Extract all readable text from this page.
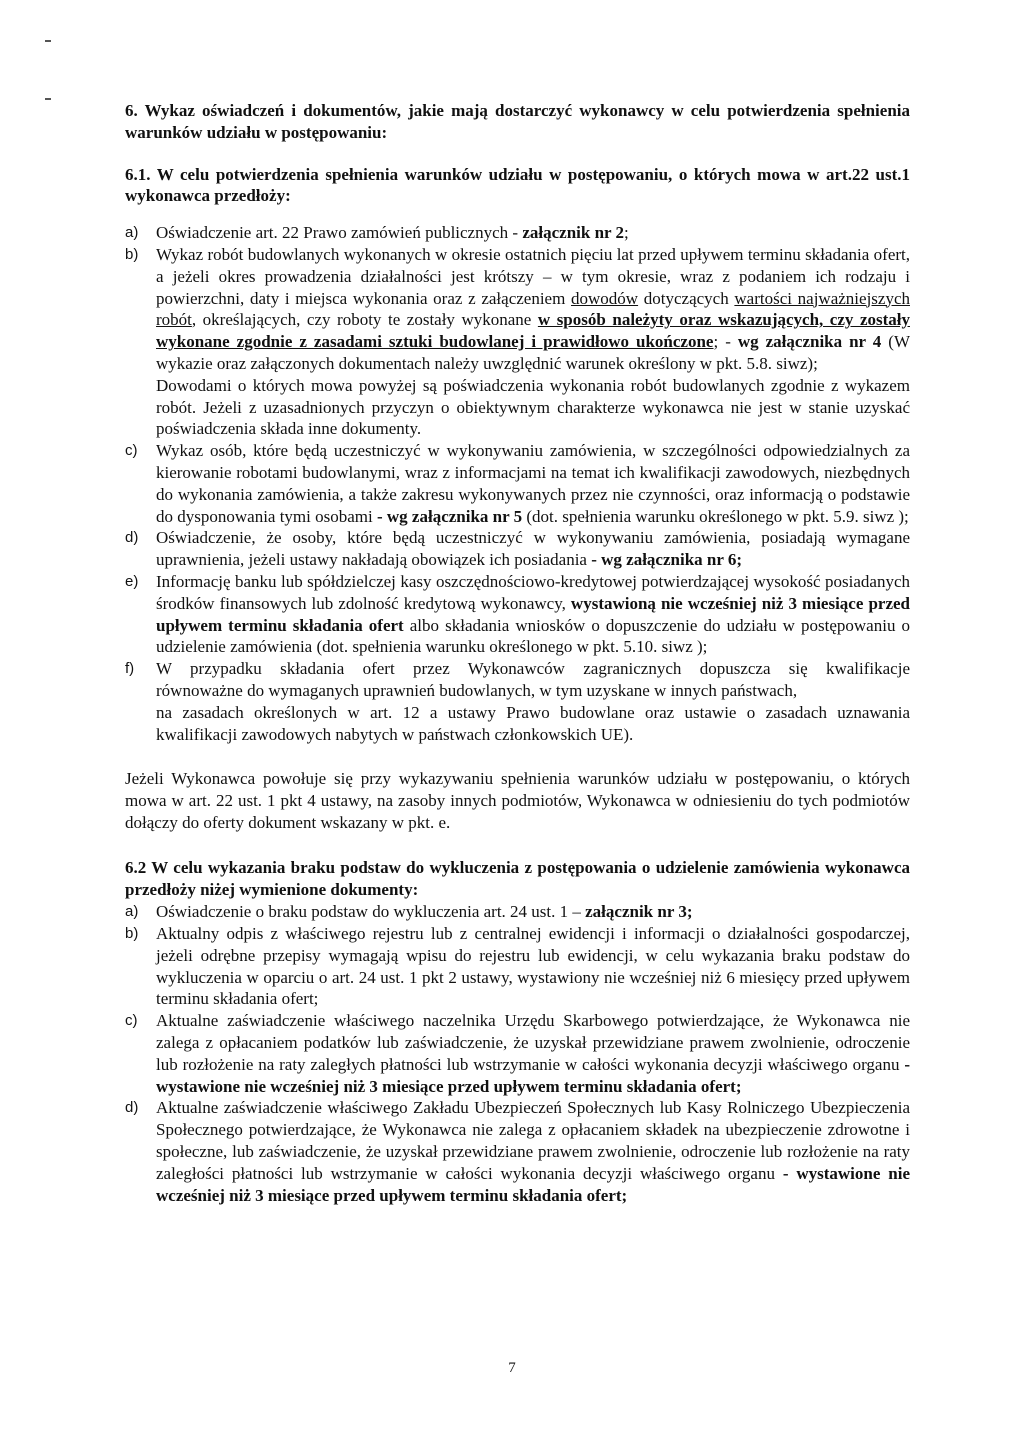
6. Wykaz oświadczeń i dokumentów, jakie mają dostarczyć wykonawcy w celu potwierdzenia spełnienia warunków udziału w postępowaniu:

6.1. W celu potwierdzenia spełnienia warunków udziału w postępowaniu, o których mowa w art.22 ust.1 wykonawca przedłoży:

a) Oświadczenie art. 22 Prawo zamówień publicznych - załącznik nr 2;
b) Wykaz robót budowlanych wykonanych w okresie ostatnich pięciu lat przed upływem terminu składania ofert, a jeżeli okres prowadzenia działalności jest krótszy – w tym okresie, wraz z podaniem ich rodzaju i powierzchni, daty i miejsca wykonania oraz z załączeniem dowodów dotyczących wartości najważniejszych robót, określających, czy roboty te zostały wykonane w sposób należyty oraz wskazujących, czy zostały wykonane zgodnie z zasadami sztuki budowlanej i prawidłowo ukończone; - wg załącznika nr 4 (W wykazie oraz załączonych dokumentach należy uwzględnić warunek określony w pkt. 5.8. siwz);

Dowodami o których mowa powyżej są poświadczenia wykonania robót budowlanych zgodnie z wykazem robót. Jeżeli z uzasadnionych przyczyn o obiektywnym charakterze wykonawca nie jest w stanie uzyskać poświadczenia składa inne dokumenty.

c) Wykaz osób, które będą uczestniczyć w wykonywaniu zamówienia, w szczególności odpowiedzialnych za kierowanie robotami budowlanymi, wraz z informacjami na temat ich kwalifikacji zawodowych, niezbędnych do wykonania zamówienia, a także zakresu wykonywanych przez nie czynności, oraz informacją o podstawie do dysponowania tymi osobami - wg załącznika nr 5 (dot. spełnienia warunku określonego w pkt. 5.9. siwz );
d) Oświadczenie, że osoby, które będą uczestniczyć w wykonywaniu zamówienia, posiadają wymagane uprawnienia, jeżeli ustawy nakładają obowiązek ich posiadania - wg załącznika nr 6;
e) Informację banku lub spółdzielczej kasy oszczędnościowo-kredytowej potwierdzającej wysokość posiadanych środków finansowych lub zdolność kredytową wykonawcy, wystawioną nie wcześniej niż 3 miesiące przed upływem terminu składania ofert albo składania wniosków o dopuszczenie do udziału w postępowaniu o udzielenie zamówienia (dot. spełnienia warunku określonego w pkt. 5.10. siwz );
f) W przypadku składania ofert przez Wykonawców zagranicznych dopuszcza się kwalifikacje
równoważne do wymaganych uprawnień budowlanych, w tym uzyskane w innych państwach,
na zasadach określonych w art. 12 a ustawy Prawo budowlane oraz ustawie o zasadach uznawania kwalifikacji zawodowych nabytych w państwach członkowskich UE).

Jeżeli Wykonawca powołuje się przy wykazywaniu spełnienia warunków udziału w postępowaniu, o których mowa w art. 22 ust. 1 pkt 4 ustawy, na zasoby innych podmiotów, Wykonawca w odniesieniu do tych podmiotów dołączy do oferty dokument wskazany w pkt. e.

6.2 W celu wykazania braku podstaw do wykluczenia z postępowania o udzielenie zamówienia wykonawca przedłoży niżej wymienione dokumenty:

a) Oświadczenie o braku podstaw do wykluczenia art. 24 ust. 1 – załącznik nr 3;
b) Aktualny odpis z właściwego rejestru lub z centralnej ewidencji i informacji o działalności gospodarczej, jeżeli odrębne przepisy wymagają wpisu do rejestru lub ewidencji, w celu wykazania braku podstaw do wykluczenia w oparciu o art. 24 ust. 1 pkt 2 ustawy, wystawiony nie wcześniej niż 6 miesięcy przed upływem terminu składania ofert;
c) Aktualne zaświadczenie właściwego naczelnika Urzędu Skarbowego potwierdzające, że Wykonawca nie zalega z opłacaniem podatków lub zaświadczenie, że uzyskał przewidziane prawem zwolnienie, odroczenie lub rozłożenie na raty zaległych płatności lub wstrzymanie w całości wykonania decyzji właściwego organu - wystawione nie wcześniej niż 3 miesiące przed upływem terminu składania ofert;
d) Aktualne zaświadczenie właściwego Zakładu Ubezpieczeń Społecznych lub Kasy Rolniczego Ubezpieczenia Społecznego potwierdzające, że Wykonawca nie zalega z opłacaniem składek na ubezpieczenie zdrowotne i społeczne, lub zaświadczenie, że uzyskał przewidziane prawem zwolnienie, odroczenie lub rozłożenie na raty zaległości płatności lub wstrzymanie w całości wykonania decyzji właściwego organu - wystawione nie wcześniej niż 3 miesiące przed upływem terminu składania ofert;
7
